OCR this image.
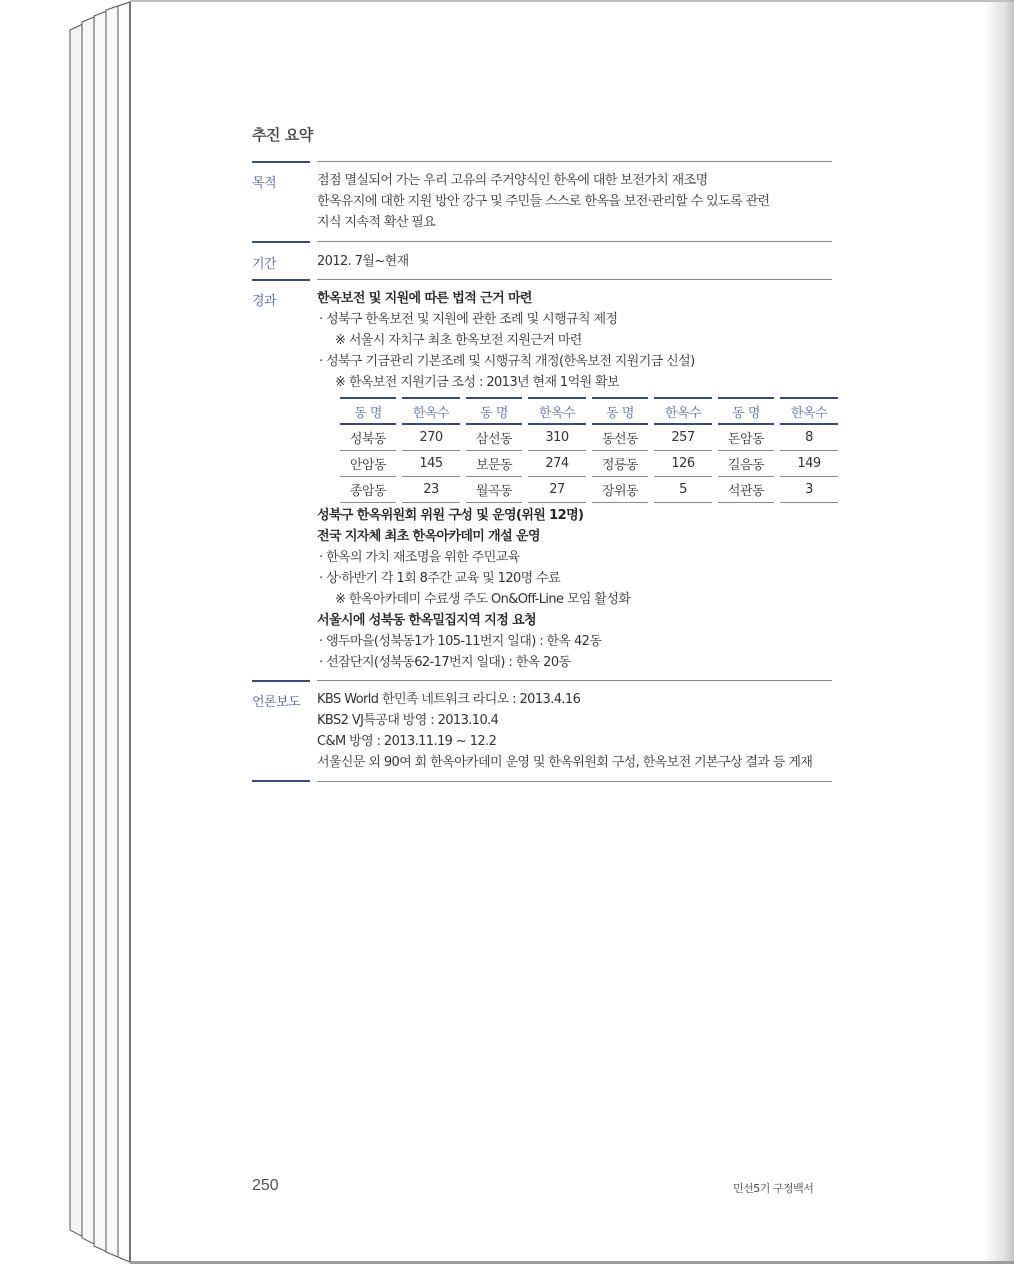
추진 요약
목적	점점 멸실되어 가는 우리 고유의 주거양식인 한옥에 대한 보전가치 재조명
한옥유지에 대한 지원 방안 강구 및 주민들 스스로 한옥을 보전·관리할 수 있도록 관련
지식 지속적 확산 필요
기간	2012. 7월~현재
경과	한옥보전 및 지원에 따른 법적 근거 마련
· 성북구 한옥보전 및 지원에 관한 조례 및 시행규칙 제정
※ 서울시 자치구 최초 한옥보전 지원근거 마련
· 성북구 기금관리 기본조례 및 시행규칙 개정(한옥보전 지원기금 신설)
※ 한옥보전 지원기금 조성 : 2013년 현재 1억원 확보
성북구 한옥위원회 위원 구성 및 운영(위원 12명)
전국 지자체 최초 한옥아카데미 개설 운영
· 한옥의 가치 재조명을 위한 주민교육
· 상·하반기 각 1회 8주간 교육 및 120명 수료
※ 한옥아카데미 수료생 주도 On&Off-Line 모임 활성화
서울시에 성북동 한옥밀집지역 지정 요청
· 앵두마을(성북동1가 105-11번지 일대) : 한옥 42동
· 선잠단지(성북동62-17번지 일대) : 한옥 20동
동 명	한옥수	동 명	한옥수	동 명	한옥수	동 명	한옥수
성북동	270	삼선동	310	동선동	257	돈암동	8
안암동	145	보문동	274	정릉동	126	길음동	149
종암동	23	월곡동	27	장위동	5	석관동	3
언론보도 KBS World 한민족 네트워크 라디오 : 2013.4.16
KBS2 VJ특공대 방영 : 2013.10.4
C&M 방영 : 2013.11.19 ~ 12.2
서울신문 외 90여 회 한옥아카데미 운영 및 한옥위원회 구성, 한옥보전 기본구상 결과 등 게재
250	민선5기 구정백서
